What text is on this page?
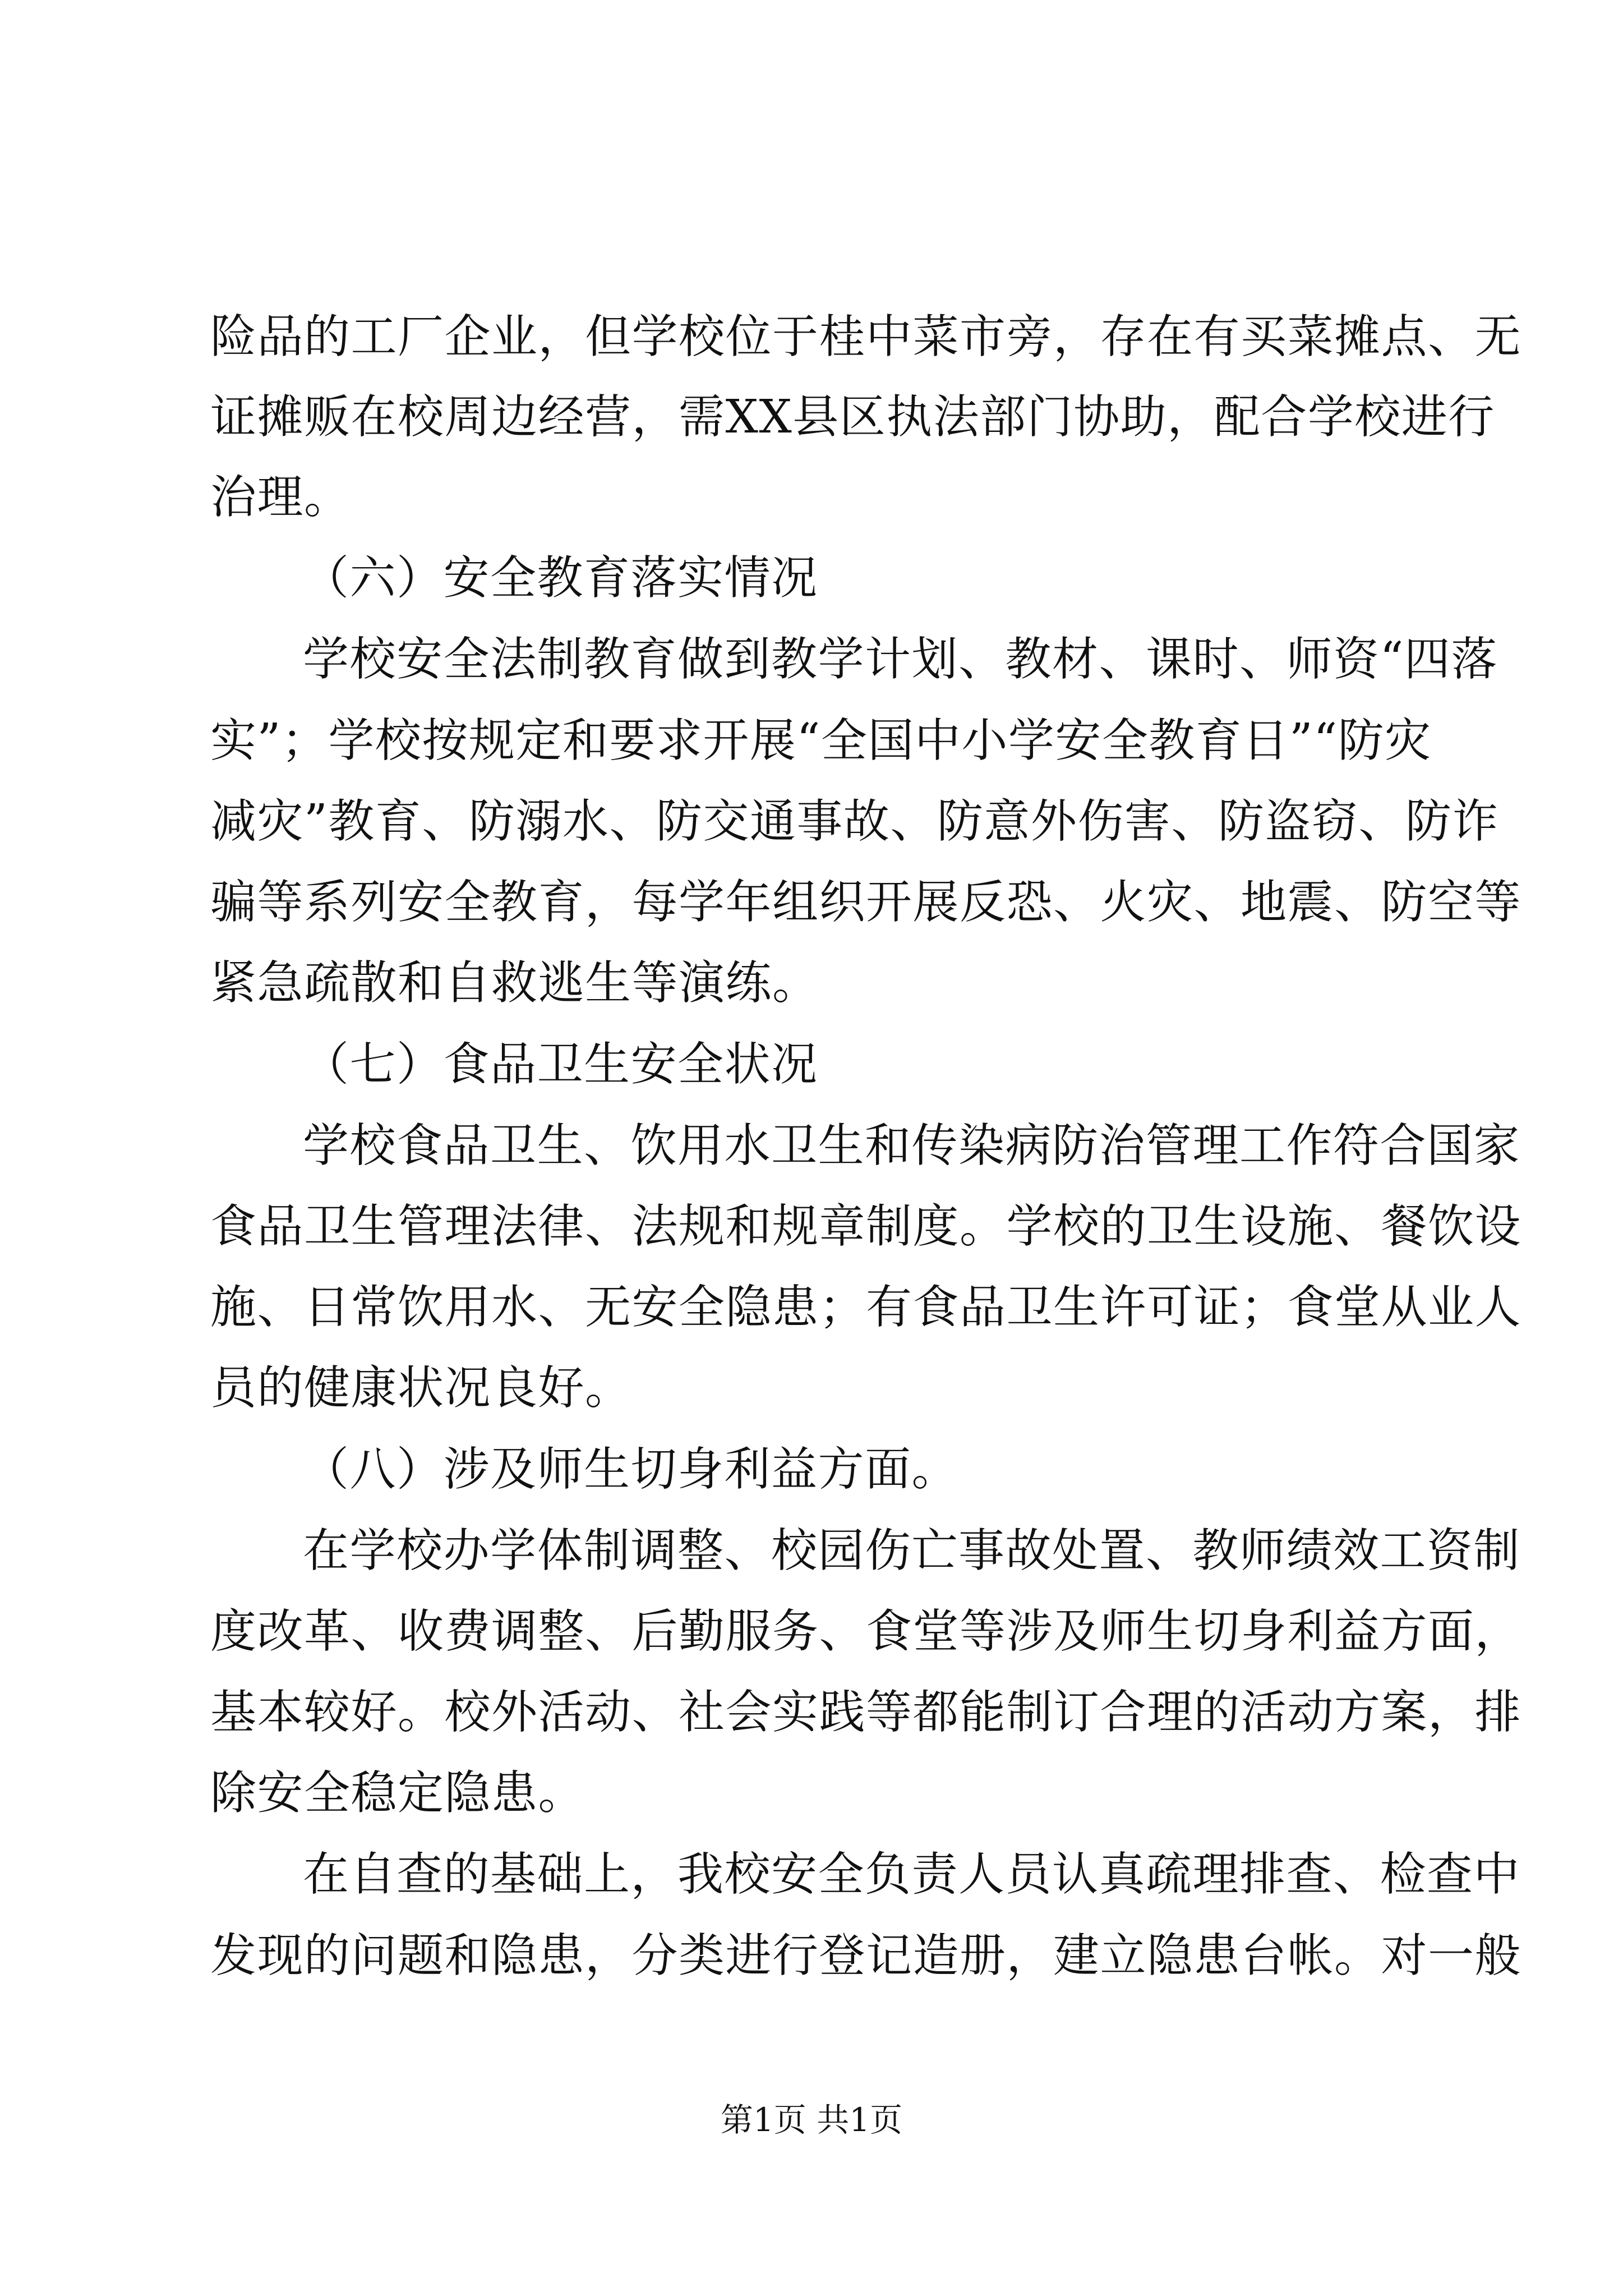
险品的工厂企业，但学校位于桂中菜市旁，存在有买菜摊点、无
证摊贩在校周边经营，需XX县区执法部门协助，配合学校进行
治理。
（六）安全教育落实情况
学校安全法制教育做到教学计划、教材、课时、师资“四落
实”；学校按规定和要求开展“全国中小学安全教育日”“防灾
减灾”教育、防溺水、防交通事故、防意外伤害、防盗窃、防诈
骗等系列安全教育，每学年组织开展反恐、火灾、地震、防空等
紧急疏散和自救逃生等演练。
（七）食品卫生安全状况
学校食品卫生、饮用水卫生和传染病防治管理工作符合国家
食品卫生管理法律、法规和规章制度。学校的卫生设施、餐饮设
施、日常饮用水、无安全隐患；有食品卫生许可证；食堂从业人
员的健康状况良好。
（八）涉及师生切身利益方面。
在学校办学体制调整、校园伤亡事故处置、教师绩效工资制
度改革、收费调整、后勤服务、食堂等涉及师生切身利益方面，
基本较好。校外活动、社会实践等都能制订合理的活动方案，排
除安全稳定隐患。
在自查的基础上，我校安全负责人员认真疏理排查、检查中
发现的问题和隐患，分类进行登记造册，建立隐患台帐。对一般
第1页 共1页
